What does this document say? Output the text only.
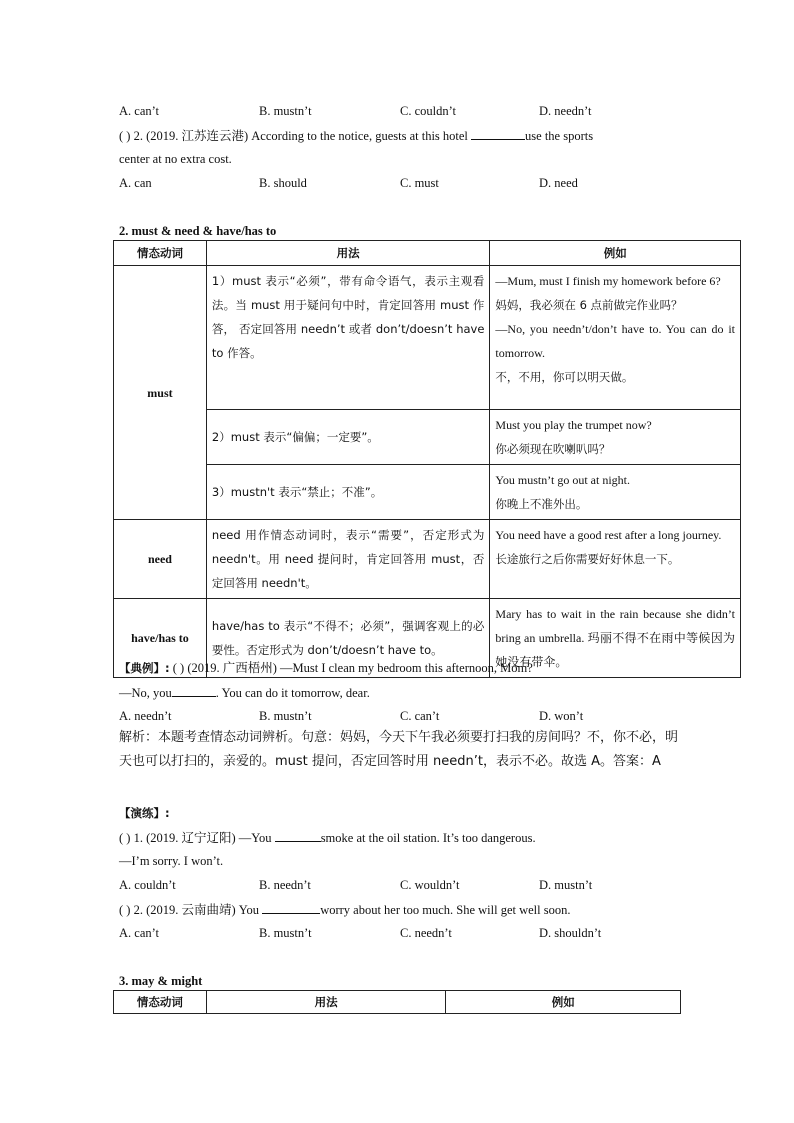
A. can’t	B. mustn’t	C. couldn’t	D. needn’t
( ) 2. (2019. 江苏连云港) According to the notice, guests at this hotel	use the sports
center at no extra cost.
A. can	B. should	C. must	D. need
2. must & need & have/has to
情态动词	用法	例如
must	1）must 表示“必须”，带有命令语气，表示主观看法。当 must 用于疑问句中时，肯定回答用 must 作答， 否定回答用 needn’t 或者 don’t/doesn’t have to 作答。	—Mum, must I finish my homework before 6?
妈妈，我必须在 6 点前做完作业吗？
—No, you needn’t/don’t have to. You can do it tomorrow.
不，不用，你可以明天做。

	2）must 表示“偏偏；一定要”。	Must you play the trumpet now?
你必须现在吹喇叭吗？

	3）mustn't 表示“禁止；不准”。	You mustn’t go out at night.
你晚上不准外出。

need	need 用作情态动词时，表示“需要”，否定形式为 needn't。用 need 提问时，肯定回答用 must，否定回答用 needn't。	You need have a good rest after a long journey.
长途旅行之后你需要好好休息一下。

have/has to	have/has to 表示“不得不；必须”，强调客观上的必要性。否定形式为 don’t/doesn’t have to。	Mary has to wait in the rain because she didn’t bring an umbrella. 玛丽不得不在雨中等候因为她没有带伞。
【典例】: ( ) (2019. 广西梧州) —Must I clean my bedroom this afternoon, Mom?
—No, you	. You can do it tomorrow, dear.
A. needn’t	B. mustn’t	C. can’t	D. won’t
解析：本题考查情态动词辨析。句意：妈妈，今天下午我必须要打扫我的房间吗？不，你不必，明天也可以打扫的，亲爱的。must 提问，否定回答时用 needn’t，表示不必。故选 A。答案：A
【演练】:
( ) 1. (2019. 辽宁辽阳) —You	smoke at the oil station. It’s too dangerous.
—I’m sorry. I won’t.
A. couldn’t	B. needn’t	C. wouldn’t	D. mustn’t
( ) 2. (2019. 云南曲靖) You	worry about her too much. She will get well soon.
A. can’t	B. mustn’t	C. needn’t	D. shouldn’t
3. may & might
情态动词	用法	例如
